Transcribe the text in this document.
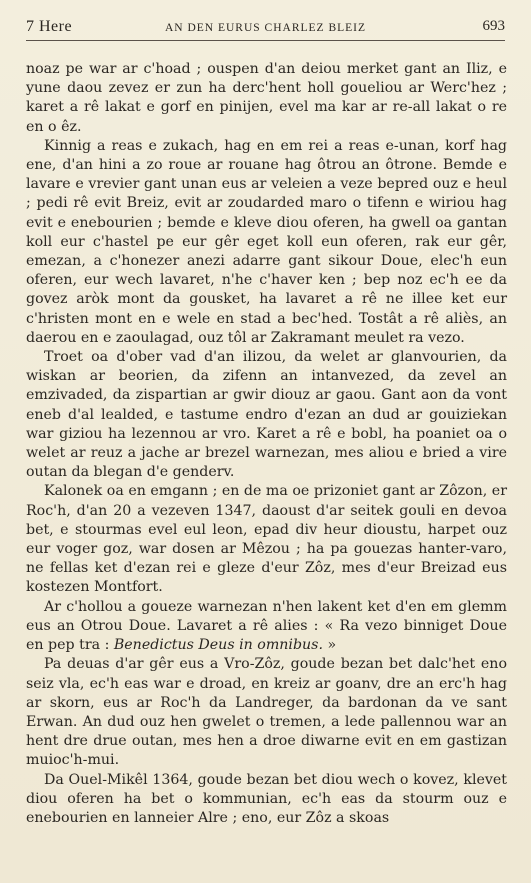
7 Here	AN DEN EURUS CHARLEZ BLEIZ	693

noaz pe war ar c'hoad ; ouspen d'an deiou merket gant an Iliz, e yune daou zevez er zun ha derc'hent holl goueliou ar Werc'hez ; karet a rê lakat e gorf en pinijen, evel ma kar ar re-all lakat o re en o êz.

Kinnig a reas e zukach, hag en em rei a reas e-unan, korf hag ene, d'an hini a zo roue ar rouane hag ôtrou an ôtrone. Bemde e lavare e vrevier gant unan eus ar veleien a veze bepred ouz e heul ; pedi rê evit Breiz, evit ar zoudarded maro o tifenn e wiriou hag evit e enebourien ; bemde e kleve diou oferen, ha gwell oa gantan koll eur c'hastel pe eur gêr eget koll eun oferen, rak eur gêr, emezan, a c'honezer anezi adarre gant sikour Doue, elec'h eun oferen, eur wech lavaret, n'he c'haver ken ; bep noz ec'h ee da govez aròk mont da gousket, ha lavaret a rê ne illee ket eur c'hristen mont en e wele en stad a bec'hed. Tostât a rê aliès, an daerou en e zaoulagad, ouz tôl ar Zakramant meulet ra vezo.

Troet oa d'ober vad d'an ilizou, da welet ar glanvourien, da wiskan ar beorien, da zifenn an intanvezed, da zevel an emzivaded, da zispartian ar gwir diouz ar gaou. Gant aon da vont eneb d'al lealded, e tastume endro d'ezan an dud ar gouiziekan war giziou ha lezennou ar vro. Karet a rê e bobl, ha poaniet oa o welet ar reuz a jache ar brezel warnezan, mes aliou e bried a vire outan da blegan d'e genderv.

Kalonek oa en emgann ; en de ma oe prizoniet gant ar Zôzon, er Roc'h, d'an 20 a vezeven 1347, daoust d'ar seitek gouli en devoa bet, e stourmas evel eul leon, epad div heur dioustu, harpet ouz eur voger goz, war dosen ar Mêzou ; ha pa gouezas hanter-varo, ne fellas ket d'ezan rei e gleze d'eur Zôz, mes d'eur Breizad eus kostezen Montfort.

Ar c'hollou a goueze warnezan n'hen lakent ket d'en em glemm eus an Otrou Doue. Lavaret a rê alies : « Ra vezo binniget Doue en pep tra : Benedictus Deus in omnibus. »

Pa deuas d'ar gêr eus a Vro-Zôz, goude bezan bet dalc'het eno seiz vla, ec'h eas war e droad, en kreiz ar goanv, dre an erc'h hag ar skorn, eus ar Roc'h da Landreger, da bardonan da ve sant Erwan. An dud ouz hen gwelet o tremen, a lede pallennou war an hent dre drue outan, mes hen a droe diwarne evit en em gastizan muioc'h-mui.

Da Ouel-Mikêl 1364, goude bezan bet diou wech o kovez, klevet diou oferen ha bet o kommunian, ec'h eas da stourm ouz e enebourien en lanneier Alre ; eno, eur Zôz a skoas
